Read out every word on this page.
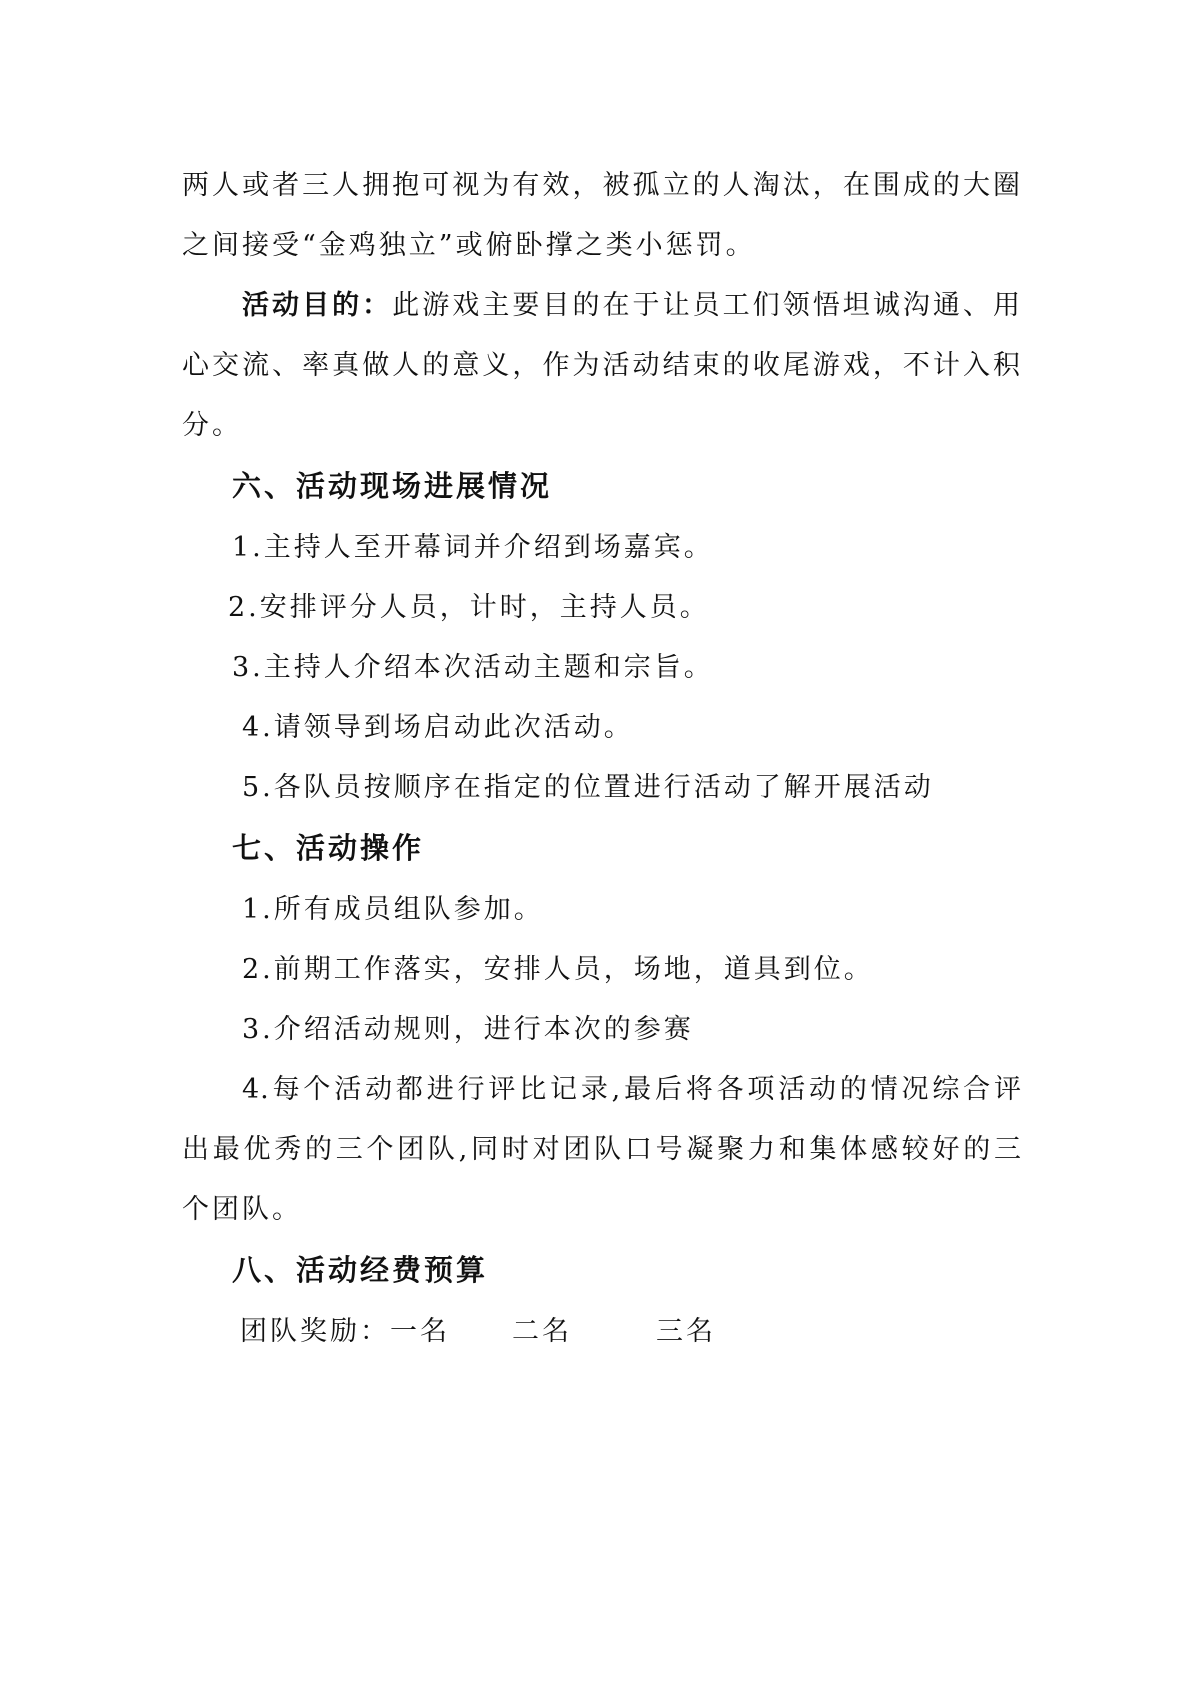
两人或者三人拥抱可视为有效，被孤立的人淘汰，在围成的大圈
之间接受“金鸡独立”或俯卧撑之类小惩罚。
活动目的：此游戏主要目的在于让员工们领悟坦诚沟通、用
心交流、率真做人的意义，作为活动结束的收尾游戏，不计入积
分。
六、活动现场进展情况
1.主持人至开幕词并介绍到场嘉宾。
2.安排评分人员，计时，主持人员。
3.主持人介绍本次活动主题和宗旨。
4.请领导到场启动此次活动。
5.各队员按顺序在指定的位置进行活动了解开展活动
七、活动操作
1.所有成员组队参加。
2.前期工作落实，安排人员，场地，道具到位。
3.介绍活动规则，进行本次的参赛
4.每个活动都进行评比记录,最后将各项活动的情况综合评
出最优秀的三个团队,同时对团队口号凝聚力和集体感较好的三
个团队。
八、活动经费预算
团队奖励：一名 二名	三名
